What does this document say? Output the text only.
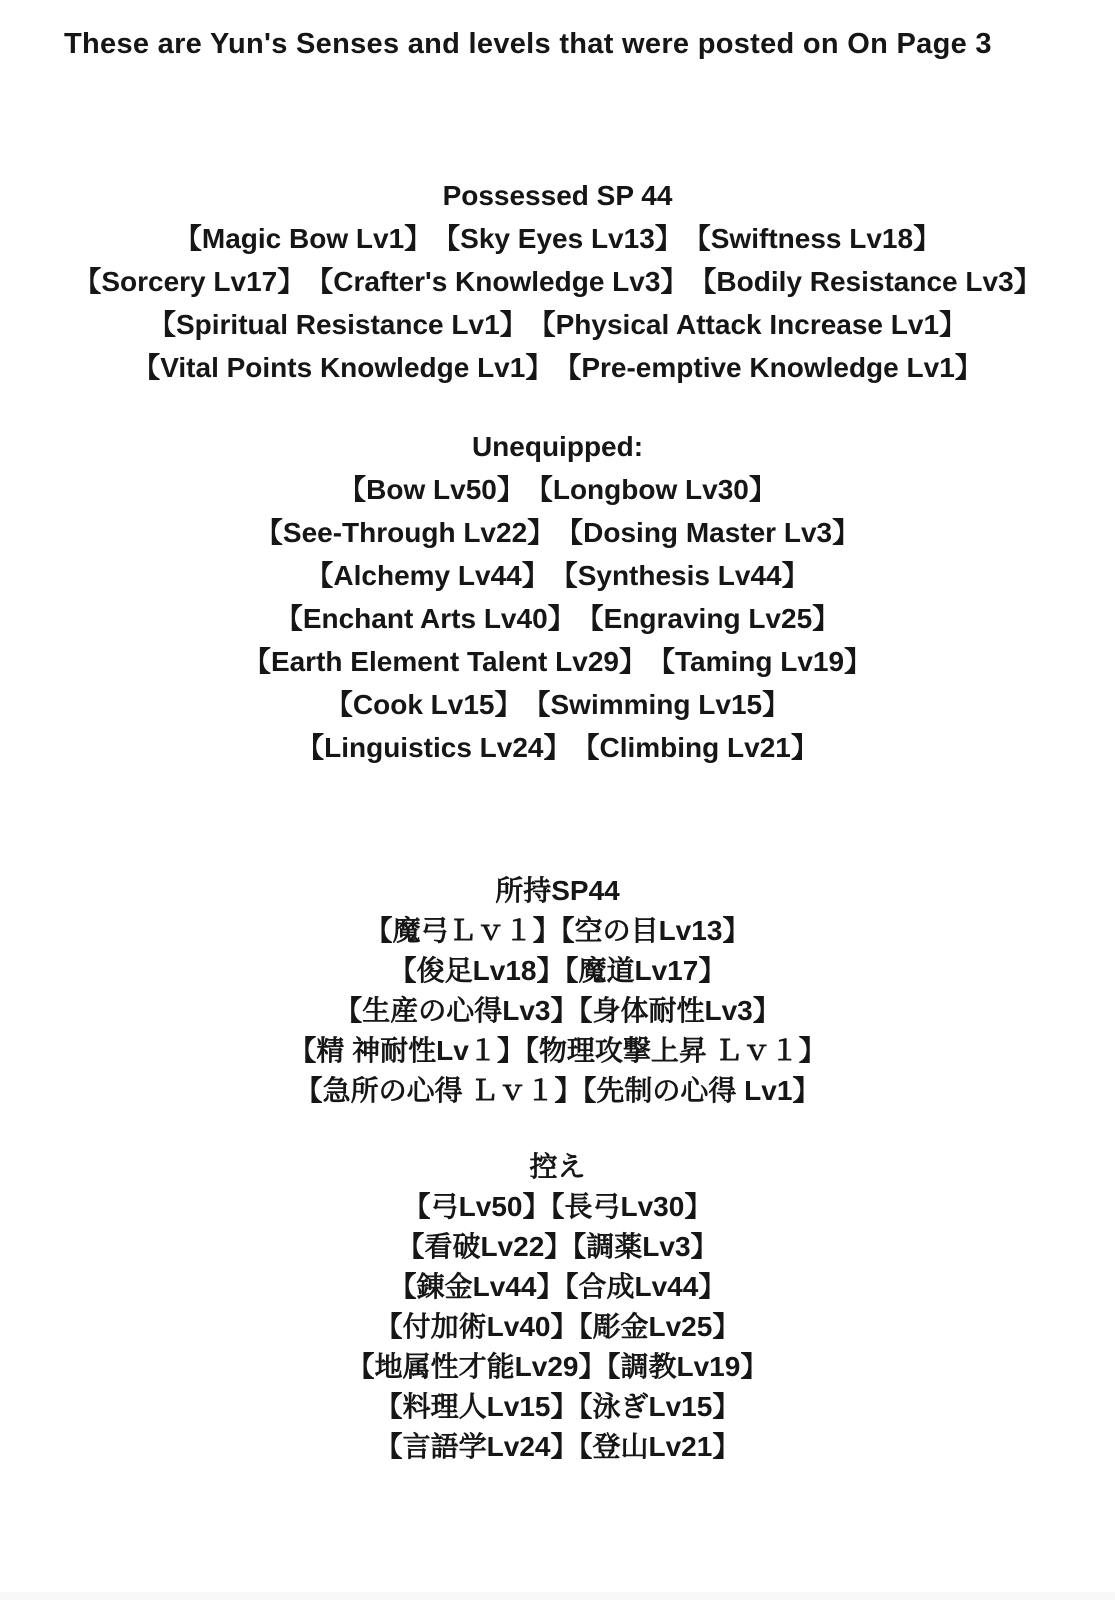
These are Yun's Senses and levels that were posted on On Page 3
Possessed SP 44
【Magic Bow Lv1】　【Sky Eyes Lv13】　【Swiftness Lv18】
【Sorcery Lv17】　【Crafter's Knowledge Lv3】　【Bodily Resistance Lv3】
【Spiritual Resistance Lv1】　【Physical Attack Increase Lv1】
【Vital Points Knowledge Lv1】　【Pre-emptive Knowledge Lv1】
Unequipped:
【Bow Lv50】　【Longbow Lv30】
【See-Through Lv22】　【Dosing Master Lv3】
【Alchemy Lv44】　【Synthesis Lv44】
【Enchant Arts Lv40】　【Engraving Lv25】
【Earth Element Talent Lv29】　【Taming Lv19】
【Cook Lv15】　【Swimming Lv15】
【Linguistics Lv24】　【Climbing Lv21】
所持SP44
【魔弓Ｌｖ１】【空の目Lv13】
【俊足Lv18】【魔道Lv17】
【生産の心得Lv3】【身体耐性Lv3】
【精 神耐性Lv１】【物理攻撃上昇 Ｌｖ１】
【急所の心得 Ｌｖ１】【先制の心得 Lv1】
控え
【弓Lv50】【長弓Lv30】
【看破Lv22】【調薬Lv3】
【錬金Lv44】【合成Lv44】
【付加術Lv40】【彫金Lv25】
【地属性才能Lv29】【調教Lv19】
【料理人Lv15】【泳ぎLv15】
【言語学Lv24】【登山Lv21】
